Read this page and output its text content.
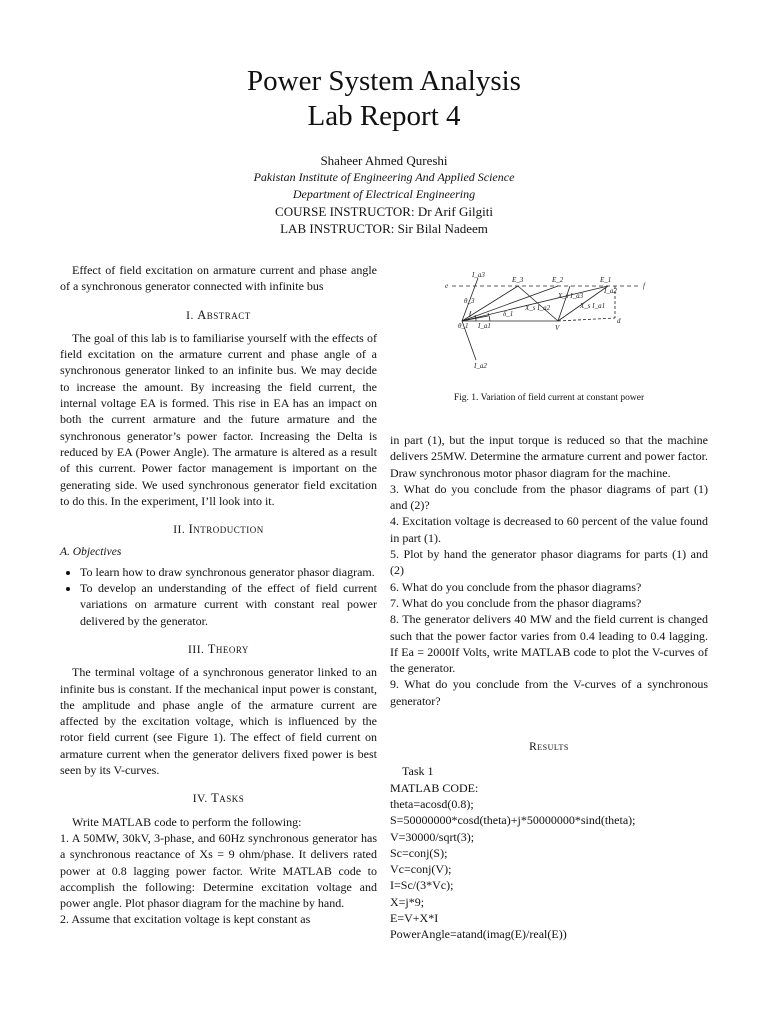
Power System Analysis
Lab Report 4
Shaheer Ahmed Qureshi
Pakistan Institute of Engineering And Applied Science
Department of Electrical Engineering
COURSE INSTRUCTOR: Dr Arif Gilgiti
LAB INSTRUCTOR: Sir Bilal Nadeem

Effect of field excitation on armature current and phase angle of a synchronous generator connected with infinite bus

I. Abstract

The goal of this lab is to familiarise yourself with the effects of field excitation on the armature current and phase angle of a synchronous generator linked to an infinite bus. We may decide to increase the amount. By increasing the field current, the internal voltage EA is formed. This rise in EA has an impact on both the current armature and the future armature and the synchronous generator’s power factor. Increasing the Delta is reduced by EA (Power Angle). The armature is altered as a result of this current. Power factor management is important on the generating side. We used synchronous generator field excitation to do this. In the experiment, I’ll look into it.

II. Introduction
A. Objectives
• To learn how to draw synchronous generator phasor diagram.
• To develop an understanding of the effect of field current variations on armature current with constant real power delivered by the generator.
III. Theory

The terminal voltage of a synchronous generator linked to an infinite bus is constant. If the mechanical input power is constant, the amplitude and phase angle of the armature current are affected by the excitation voltage, which is influenced by the rotor field current (see Figure 1). The effect of field current on armature current when the generator delivers fixed power is best seen by its V-curves.

IV. Tasks

Write MATLAB code to perform the following:

1. A 50MW, 30kV, 3-phase, and 60Hz synchronous generator has a synchronous reactance of Xs = 9 ohm/phase. It delivers rated power at 0.8 lagging power factor. Write MATLAB code to accomplish the following: Determine excitation voltage and power angle. Plot phasor diagram for the machine by hand.

2. Assume that excitation voltage is kept constant as

I_a3
E_3	E_2	E_1
e	f
θ_3
δ_1
X_s I_a3
X_s I_a2	X_s I_a1
I_a2
V
d
θ_1 I_a1
I_a2
Fig. 1. Variation of field current at constant power

in part (1), but the input torque is reduced so that the machine delivers 25MW. Determine the armature current and power factor. Draw synchronous motor phasor diagram for the machine.

3. What do you conclude from the phasor diagrams of part (1) and (2)?

4. Excitation voltage is decreased to 60 percent of the value found in part (1).

5. Plot by hand the generator phasor diagrams for parts (1) and (2)

6. What do you conclude from the phasor diagrams?

7. What do you conclude from the phasor diagrams?

8. The generator delivers 40 MW and the field current is changed such that the power factor varies from 0.4 leading to 0.4 lagging. If Ea = 2000If Volts, write MATLAB code to plot the V-curves of the generator.

9. What do you conclude from the V-curves of a synchronous generator?

Results

Task 1

MATLAB CODE:

theta=acosd(0.8);
S=50000000*cosd(theta)+j*50000000*sind(theta);
V=30000/sqrt(3);
Sc=conj(S);
Vc=conj(V);
I=Sc/(3*Vc);
X=j*9;
E=V+X*I
PowerAngle=atand(imag(E)/real(E))
